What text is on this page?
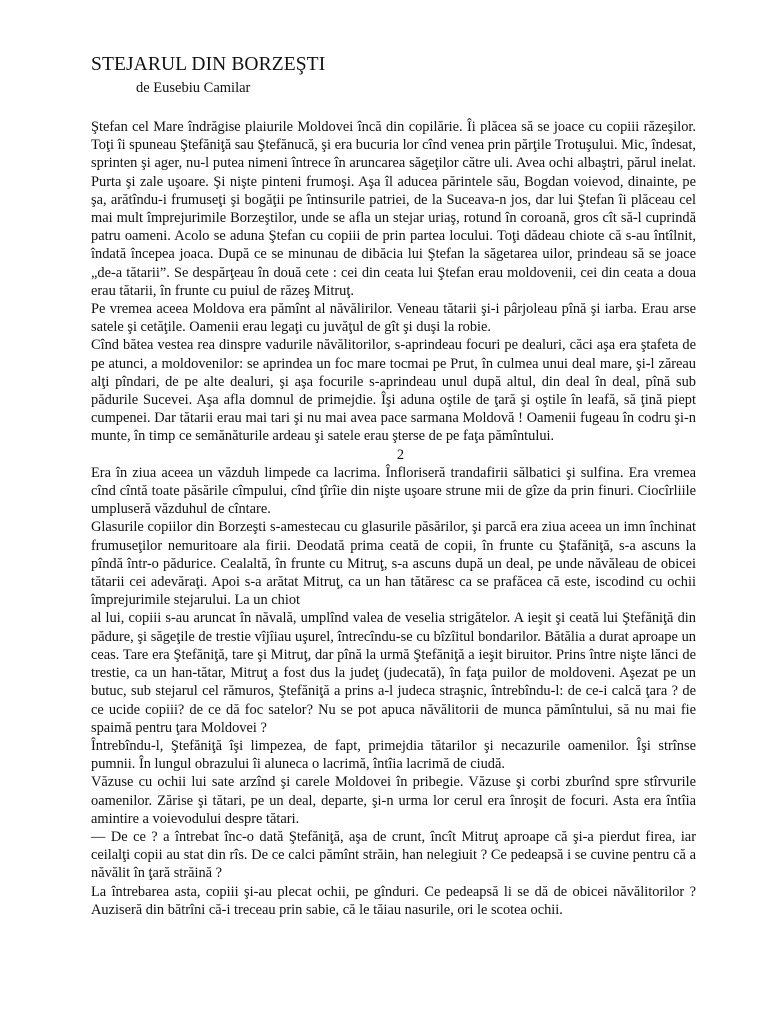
STEJARUL DIN BORZEŞTI

de Eusebiu Camilar

Ştefan cel Mare îndrăgise plaiurile Moldovei încă din copilărie. Îi plăcea să se joace cu copiii răzeşilor. Toţi îi spuneau Ştefăniţă sau Ştefănucă, şi era bucuria lor cînd venea prin părţile Trotuşului. Mic, îndesat, sprinten şi ager, nu-l putea nimeni întrece în aruncarea săgeţilor către uli. Avea ochi albaştri, părul inelat. Purta şi zale uşoare. Şi nişte pinteni frumoşi. Aşa îl aducea părintele său, Bogdan voievod, dinainte, pe şa, arătîndu-i frumuseţi şi bogăţii pe întinsurile patriei, de la Suceava-n jos, dar lui Ştefan îi plăceau cel mai mult împrejurimile Borzeştilor, unde se afla un stejar uriaş, rotund în coroană, gros cît să-l cuprindă patru oameni. Acolo se aduna Ştefan cu copiii de prin partea locului. Toţi dădeau chiote că s-au întîlnit, îndată începea joaca. După ce se minunau de dibăcia lui Ştefan la săgetarea uilor, prindeau să se joace „de-a tătarii”. Se despărţeau în două cete : cei din ceata lui Ştefan erau moldovenii, cei din ceata a doua erau tătarii, în frunte cu puiul de răzeş Mitruţ.

Pe vremea aceea Moldova era pămînt al năvălirilor. Veneau tătarii şi-i pârjoleau pînă şi iarba. Erau arse satele şi cetăţile. Oamenii erau legaţi cu juvăţul de gît şi duşi la robie.

Cînd bătea vestea rea dinspre vadurile năvălitorilor, s-aprindeau focuri pe dealuri, căci aşa era ştafeta de pe atunci, a moldovenilor: se aprindea un foc mare tocmai pe Prut, în culmea unui deal mare, şi-l zăreau alţi pîndari, de pe alte dealuri, şi aşa focurile s-aprindeau unul după altul, din deal în deal, pînă sub pădurile Sucevei. Aşa afla domnul de primejdie. Îşi aduna oştile de ţară şi oştile în leafă, să ţină piept cumpenei. Dar tătarii erau mai tari şi nu mai avea pace sarmana Moldovă ! Oamenii fugeau în codru şi-n munte, în timp ce semănăturile ardeau şi satele erau şterse de pe faţa pămîntului.

2

Era în ziua aceea un văzduh limpede ca lacrima. Înfloriseră trandafirii sălbatici şi sulfina. Era vremea cînd cîntă toate păsările cîmpului, cînd ţîrîie din nişte uşoare strune mii de gîze da prin finuri. Ciocîrliile umpluseră văzduhul de cîntare.

Glasurile copiilor din Borzeşti s-amestecau cu glasurile păsărilor, şi parcă era ziua aceea un imn închinat frumuseţilor nemuritoare ala firii. Deodată prima ceată de copii, în frunte cu Ştafăniţă, s-a ascuns la pîndă într-o pădurice. Cealaltă, în frunte cu Mitruţ, s-a ascuns după un deal, pe unde năvăleau de obicei tătarii cei adevăraţi. Apoi s-a arătat Mitruţ, ca un han tătăresc ca se prafăcea că este, iscodind cu ochii împrejurimile stejarului. La un chiot

al lui, copiii s-au aruncat în năvală, umplînd valea de veselia strigătelor. A ieşit şi ceată lui Ştefăniţă din pădure, şi săgeţile de trestie vîjîiau uşurel, întrecîndu-se cu bîzîitul bondarilor. Bătălia a durat aproape un ceas. Tare era Ştefăniţă, tare şi Mitruţ, dar pînă la urmă Ştefăniţă a ieşit biruitor. Prins între nişte lănci de trestie, ca un han-tătar, Mitruţ a fost dus la judeţ (judecată), în faţa puilor de moldoveni. Aşezat pe un butuc, sub stejarul cel rămuros, Ştefăniţă a prins a-l judeca straşnic, întrebîndu-l: de ce-i calcă ţara ? de ce ucide copiii? de ce dă foc satelor? Nu se pot apuca năvălitorii de munca pămîntului, să nu mai fie spaimă pentru ţara Moldovei ?

Întrebîndu-l, Ştefăniţă îşi limpezea, de fapt, primejdia tătarilor şi necazurile oamenilor. Îşi strînse pumnii. În lungul obrazului îi aluneca o lacrimă, întîia lacrimă de ciudă.

Văzuse cu ochii lui sate arzînd şi carele Moldovei în pribegie. Văzuse şi corbi zburînd spre stîrvurile oamenilor. Zărise şi tătari, pe un deal, departe, şi-n urma lor cerul era înroşit de focuri. Asta era întîia amintire a voievodului despre tătari.

— De ce ? a întrebat înc-o dată Ştefăniţă, aşa de crunt, încît Mitruţ aproape că şi-a pierdut firea, iar ceilalţi copii au stat din rîs. De ce calci pămînt străin, han nelegiuit ? Ce pedeapsă i se cuvine pentru că a năvălit în ţară străină ?

La întrebarea asta, copiii şi-au plecat ochii, pe gînduri. Ce pedeapsă li se dă de obicei năvălitorilor ? Auziseră din bătrîni că-i treceau prin sabie, că le tăiau nasurile, ori le scotea ochii.
